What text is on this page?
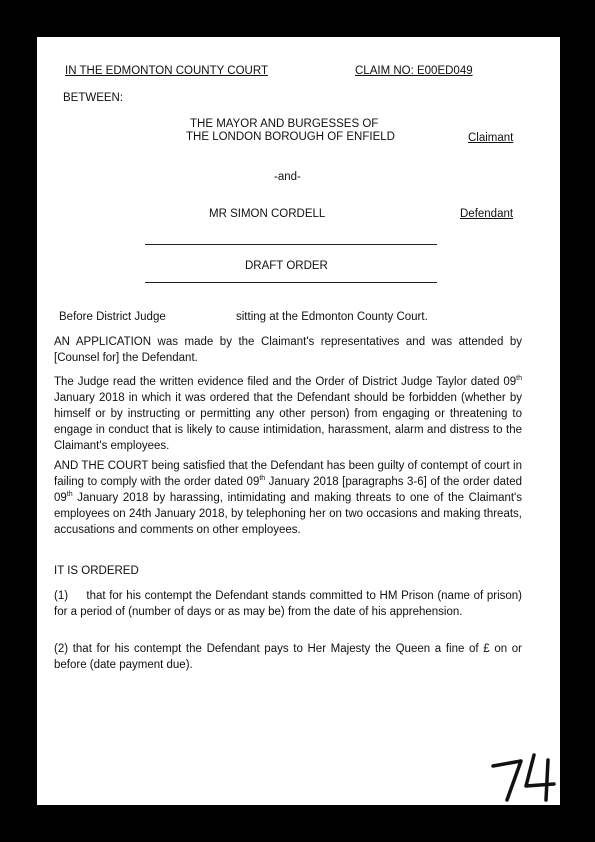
IN THE EDMONTON COUNTY COURT	CLAIM NO: E00ED049
BETWEEN:
THE MAYOR AND BURGESSES OF
THE LONDON BOROUGH OF ENFIELD	Claimant
-and-
MR SIMON CORDELL	Defendant
DRAFT ORDER
Before District Judge	sitting at the Edmonton County Court.
AN APPLICATION was made by the Claimant's representatives and was attended by [Counsel for] the Defendant.
The Judge read the written evidence filed and the Order of District Judge Taylor dated 09th January 2018 in which it was ordered that the Defendant should be forbidden (whether by himself or by instructing or permitting any other person) from engaging or threatening to engage in conduct that is likely to cause intimidation, harassment, alarm and distress to the Claimant's employees.
AND THE COURT being satisfied that the Defendant has been guilty of contempt of court in failing to comply with the order dated 09th January 2018 [paragraphs 3-6] of the order dated 09th January 2018 by harassing, intimidating and making threats to one of the Claimant's employees on 24th January 2018, by telephoning her on two occasions and making threats, accusations and comments on other employees.
IT IS ORDERED
(1)     that for his contempt the Defendant stands committed to HM Prison (name of prison) for a period of (number of days or as may be) from the date of his apprehension.
(2) that for his contempt the Defendant pays to Her Majesty the Queen a fine of £ on or before (date payment due).
